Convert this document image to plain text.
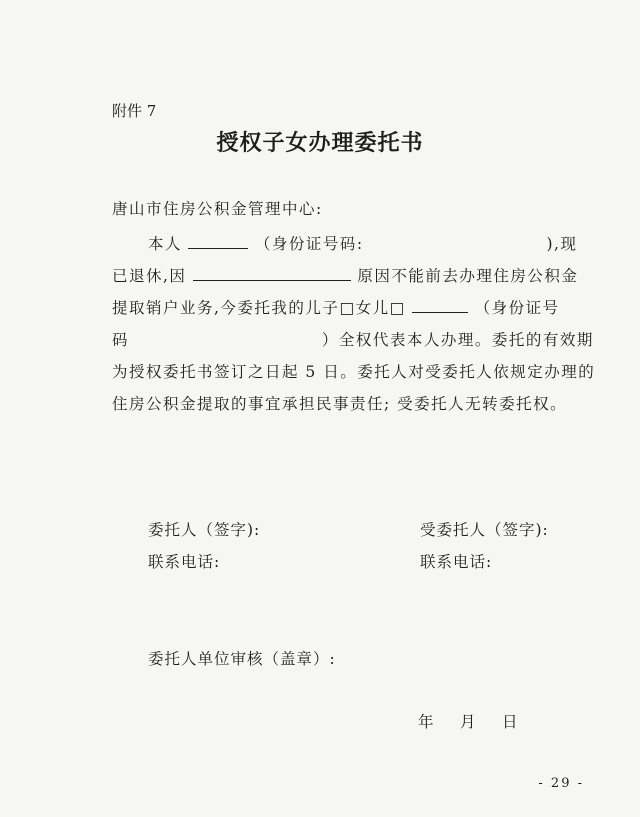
附件 7
授权子女办理委托书
唐山市住房公积金管理中心:
本人	（身份证号码:	),现
已退休,因	原因不能前去办理住房公积金
提取销户业务,今委托我的儿子□女儿□	（身份证号
码	）全权代表本人办理。委托的有效期
为授权委托书签订之日起 5 日。委托人对受委托人依规定办理的
住房公积金提取的事宜承担民事责任; 受委托人无转委托权。
委托人（签字):	受委托人（签字):
联系电话:	联系电话:
委托人单位审核（盖章）:
年 月 日
- 29 -
